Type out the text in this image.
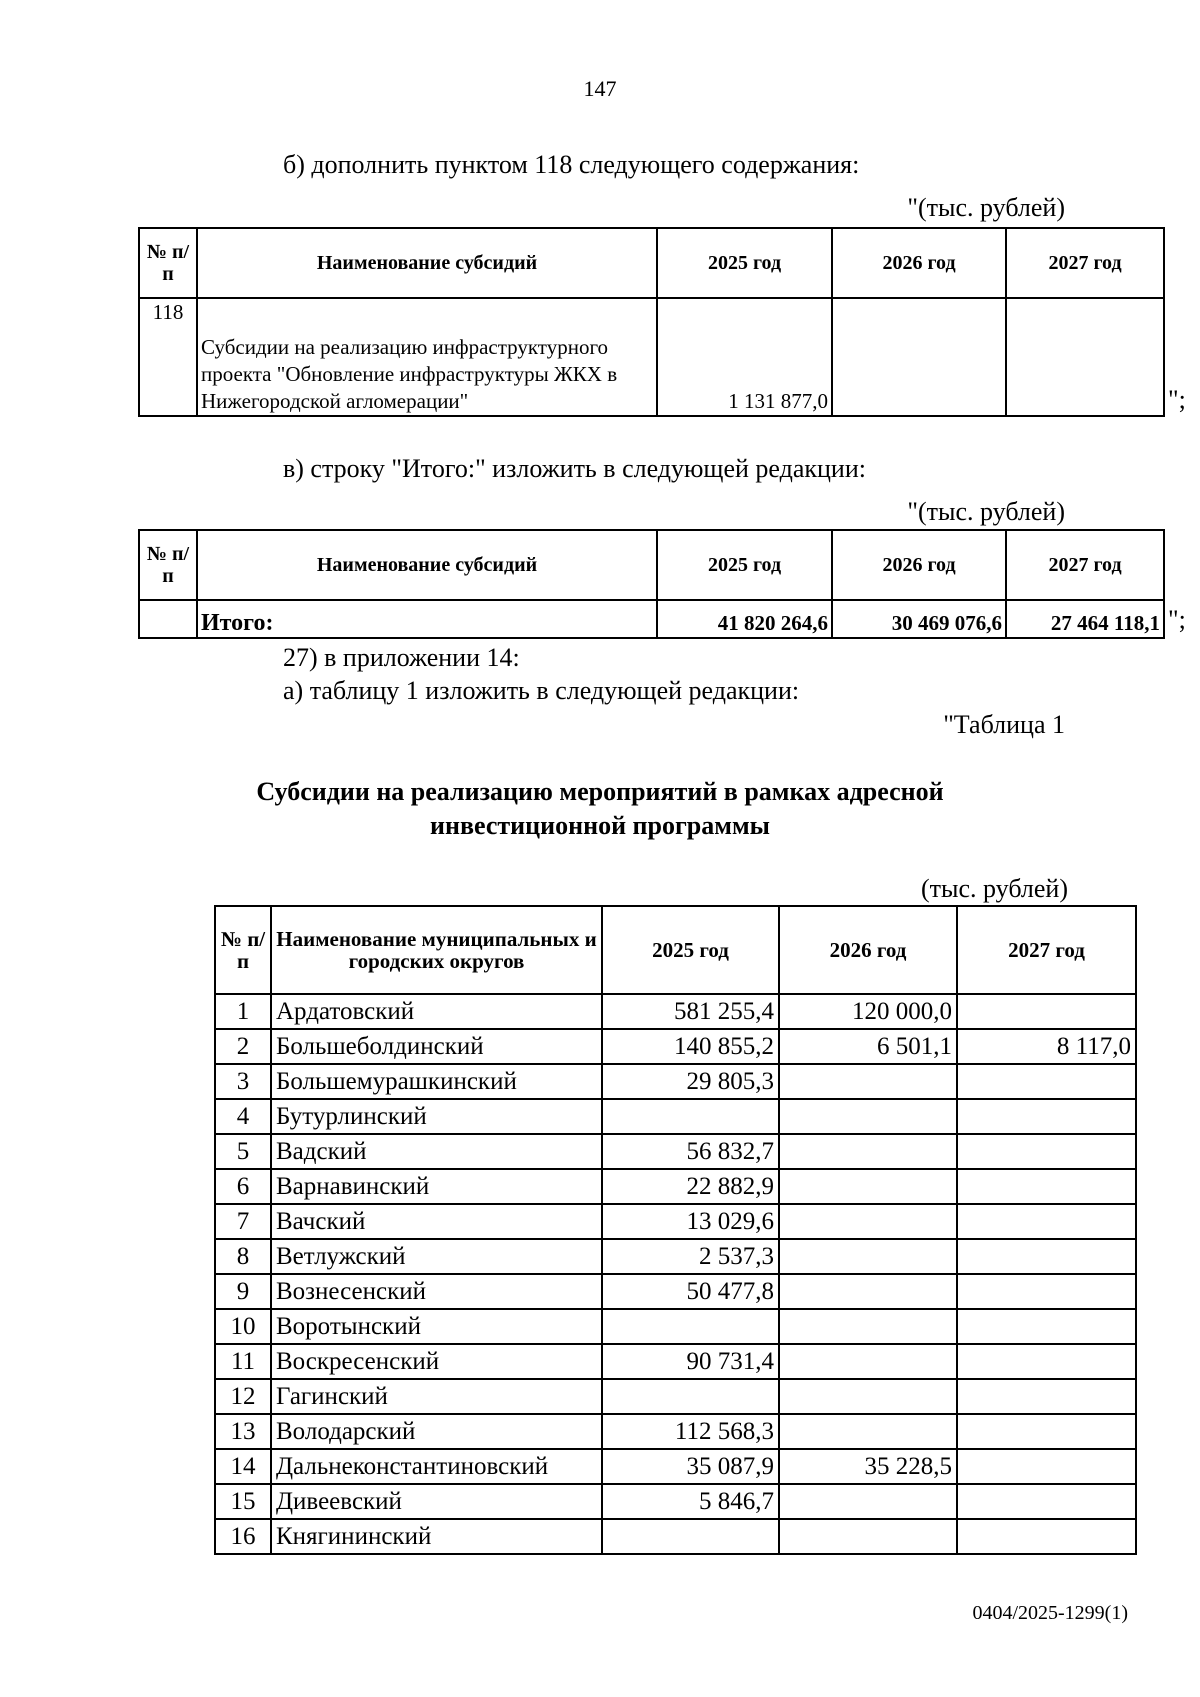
147
б) дополнить пунктом 118 следующего содержания:
"(тыс. рублей)
№ п/п	Наименование субсидий	2025 год	2026 год	2027 год
118	Субсидии на реализацию инфраструктурного проекта "Обновление инфраструктуры ЖКХ в Нижегородской агломерации"	1 131 877,0			";
в) строку "Итого:" изложить в следующей редакции:
"(тыс. рублей)
№ п/п	Наименование субсидий	2025 год	2026 год	2027 год
	Итого:	41 820 264,6	30 469 076,6	27 464 118,1 ";
27) в приложении 14:
а) таблицу 1 изложить в следующей редакции:
"Таблица 1
Субсидии на реализацию мероприятий в рамках адресной
инвестиционной программы
(тыс. рублей)
№ п/п	Наименование муниципальных и городских округов	2025 год	2026 год	2027 год
1	Ардатовский	581 255,4	120 000,0	
2	Большеболдинский	140 855,2	6 501,1	8 117,0
3	Большемурашкинский	29 805,3		
4	Бутурлинский			
5	Вадский	56 832,7		
6	Варнавинский	22 882,9		
7	Вачский	13 029,6		
8	Ветлужский	2 537,3		
9	Вознесенский	50 477,8		
10	Воротынский			
11	Воскресенский	90 731,4		
12	Гагинский			
13	Володарский	112 568,3		
14	Дальнеконстантиновский	35 087,9	35 228,5	
15	Дивеевский	5 846,7		
16	Княгининский			
0404/2025-1299(1)
